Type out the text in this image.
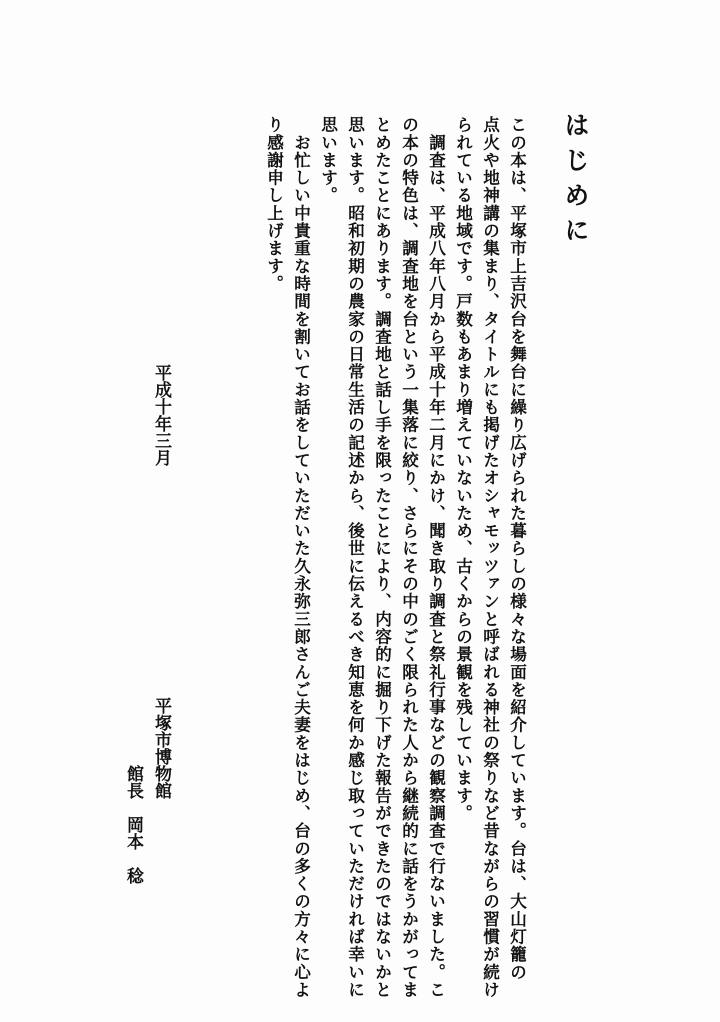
はじめに
この本は、平塚市上吉沢台を舞台に繰り広げられた暮らしの様々な場面を紹介しています。台は、大山灯籠の
点火や地神講の集まり、タイトルにも掲げたオシャモッツァンと呼ばれる神社の祭りなど昔ながらの習慣が続け
られている地域です。戸数もあまり増えていないため、古くからの景観を残しています。
　調査は、平成八年八月から平成十年二月にかけ、聞き取り調査と祭礼行事などの観察調査で行ないました。こ
の本の特色は、調査地を台という一集落に絞り、さらにその中のごく限られた人から継続的に話をうかがってま
とめたことにあります。調査地と話し手を限ったことにより、内容的に掘り下げた報告ができたのではないかと
思います。昭和初期の農家の日常生活の記述から、後世に伝えるべき知恵を何か感じ取っていただければ幸いに
思います。
　お忙しい中貴重な時間を割いてお話をしていただいた久永弥三郎さんご夫妻をはじめ、台の多くの方々に心よ
り感謝申し上げます。
平成十年三月
平塚市博物館
館長　岡本　稔
